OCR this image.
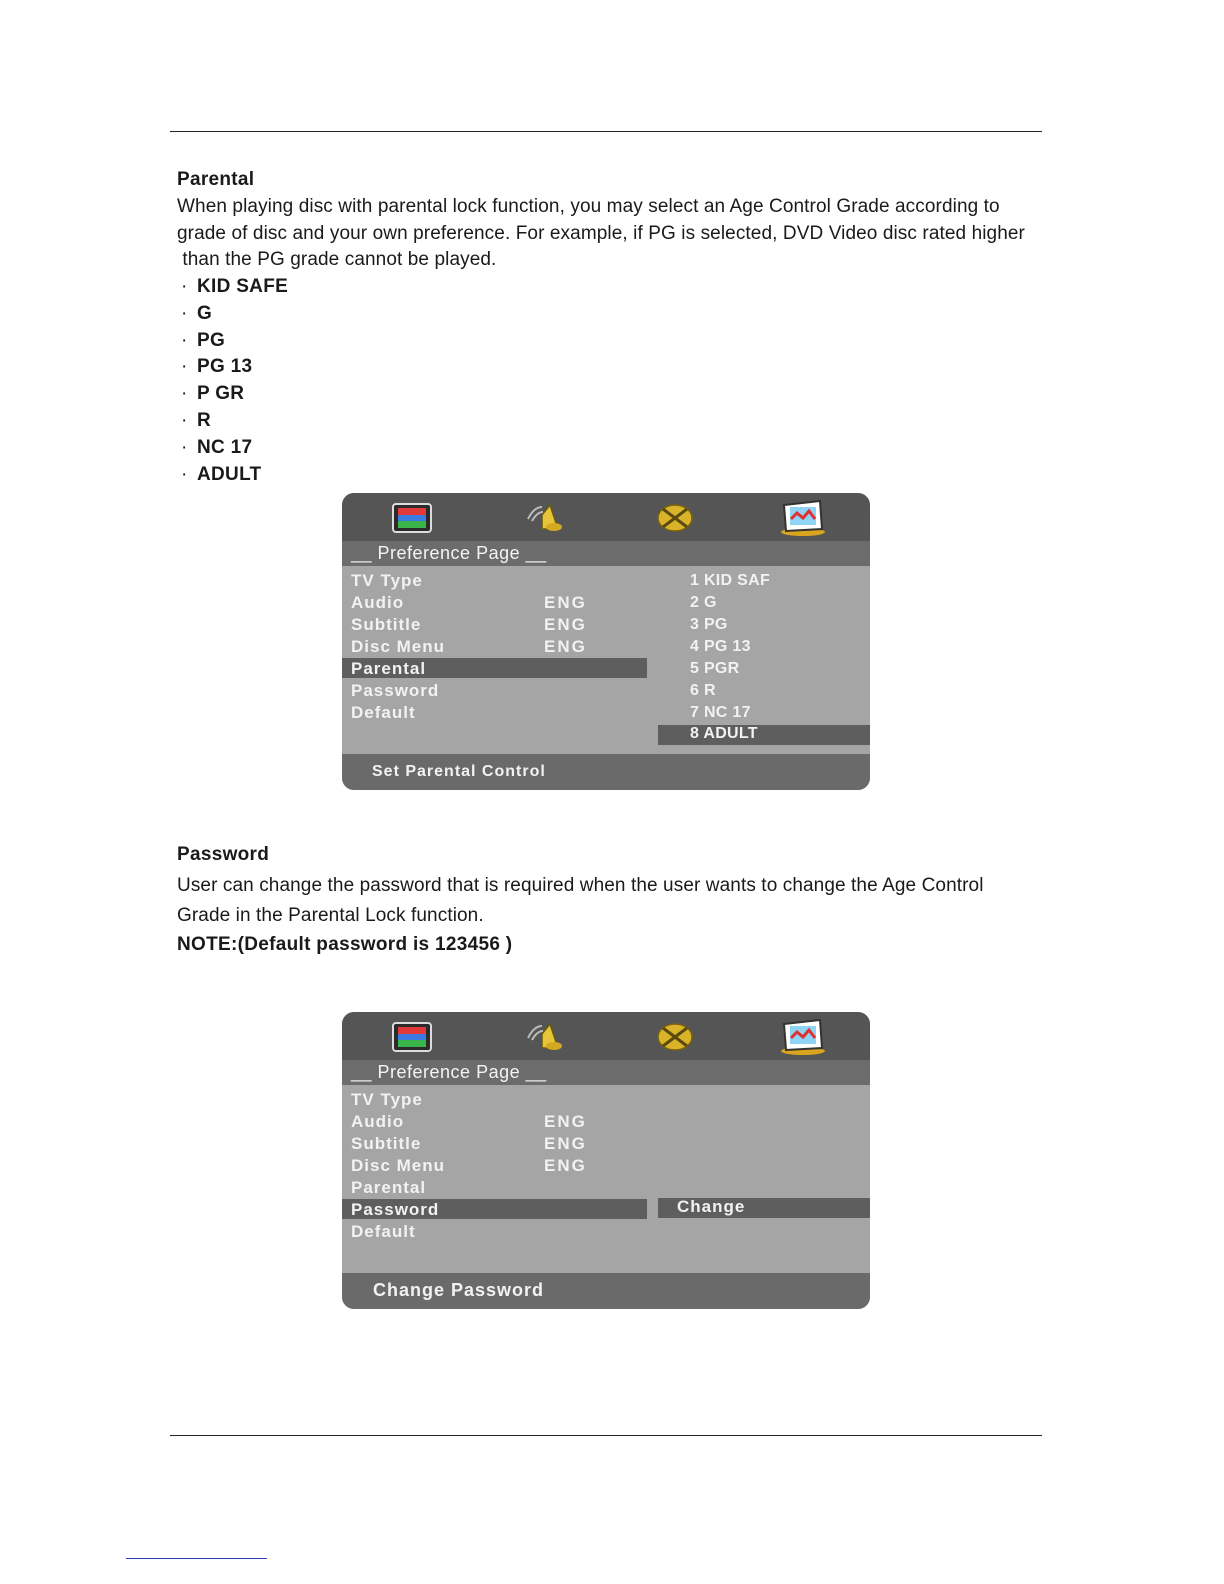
Parental

When playing disc with parental lock function, you may select an Age Control Grade according to

grade of disc and your own preference. For example, if PG is selected, DVD Video disc rated higher

than the PG grade cannot be played.

· KID SAFE
· G
· PG
· PG 13
· P GR
· R
· NC 17
· ADULT
__ Preference Page __
TV Type
Audio	ENG
Subtitle	ENG
Disc Menu	ENG
Parental
Password
Default
1 KID SAF
2 G
3 PG
4 PG 13
5 PGR
6 R
7 NC 17
8 ADULT
Set Parental Control
Password

User can change the password that is required when the user wants to change the Age Control

Grade in the Parental Lock function.

NOTE:(Default password is 123456 )
__ Preference Page __
TV Type
Audio	ENG
Subtitle	ENG
Disc Menu	ENG
Parental
Password
Default
Change
Change Password
